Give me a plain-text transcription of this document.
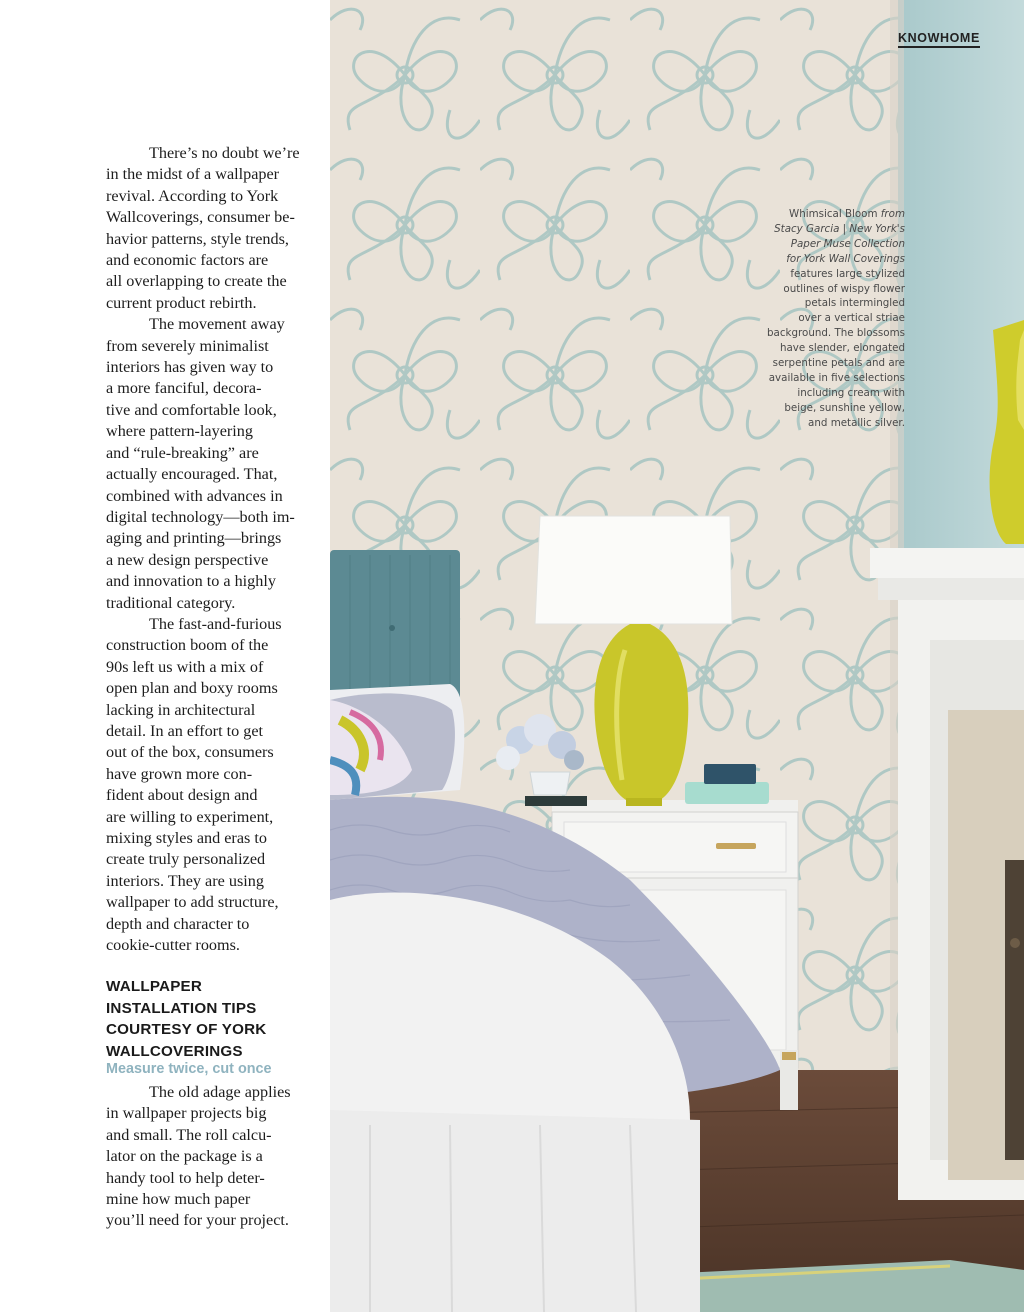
There’s no doubt we’re
in the midst of a wallpaper
revival. According to York
Wallcoverings, consumer be-
havior patterns, style trends,
and economic factors are
all overlapping to create the
current product rebirth.
The movement away
from severely minimalist
interiors has given way to
a more fanciful, decora-
tive and comfortable look,
where pattern-layering
and “rule-breaking” are
actually encouraged. That,
combined with advances in
digital technology—both im-
aging and printing—brings
a new design perspective
and innovation to a highly
traditional category.
The fast-and-furious
construction boom of the
90s left us with a mix of
open plan and boxy rooms
lacking in architectural
detail. In an effort to get
out of the box, consumers
have grown more con-
fident about design and
are willing to experiment,
mixing styles and eras to
create truly personalized
interiors. They are using
wallpaper to add structure,
depth and character to
cookie-cutter rooms.
WALLPAPER
INSTALLATION TIPS
COURTESY OF YORK
WALLCOVERINGS
Measure twice, cut once
The old adage applies
in wallpaper projects big
and small. The roll calcu-
lator on the package is a
handy tool to help deter-
mine how much paper
you’ll need for your project.
KNOWHOME
Whimsical Bloom from
Stacy Garcia | New York's
Paper Muse Collection
for York Wall Coverings
features large stylized
outlines of wispy flower
petals intermingled
over a vertical striae
background. The blossoms
have slender, elongated
serpentine petals and are
available in five selections
including cream with
beige, sunshine yellow,
and metallic silver.
